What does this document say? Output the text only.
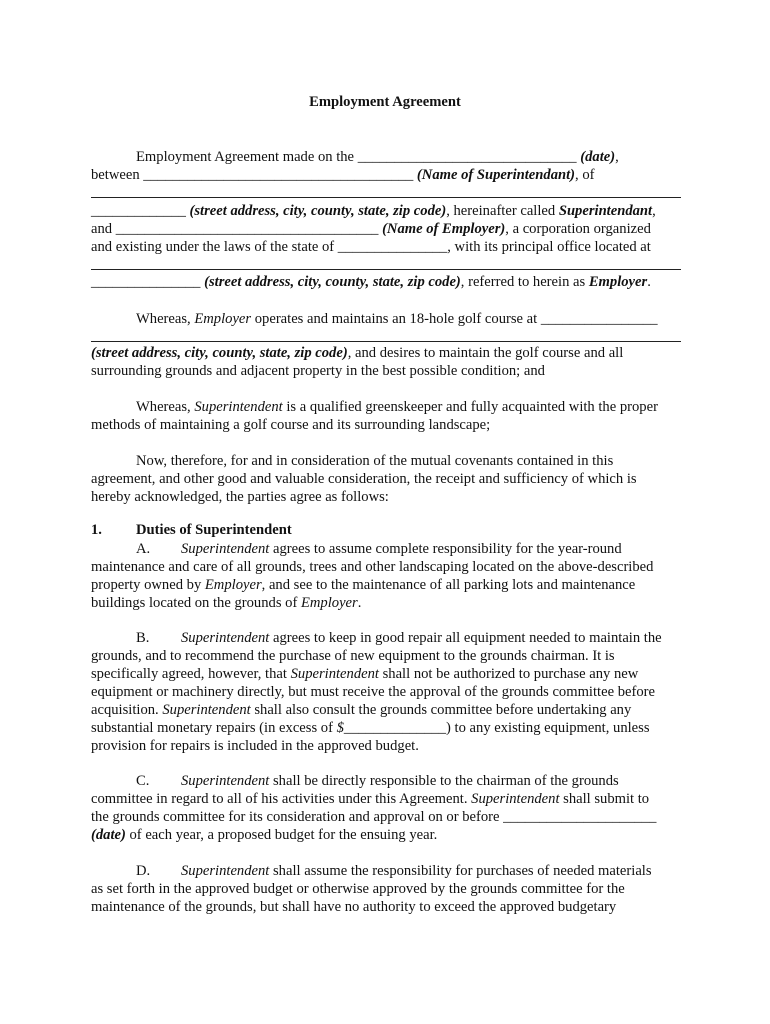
Employment Agreement
Employment Agreement made on the ______________________________ (date),
between _____________________________________ (Name of Superintendant), of
_____________ (street address, city, county, state, zip code), hereinafter called Superintendant,
and ____________________________________ (Name of Employer), a corporation organized
and existing under the laws of the state of _______________, with its principal office located at
_______________ (street address, city, county, state, zip code), referred to herein as Employer.
Whereas, Employer operates and maintains an 18-hole golf course at ________________
(street address, city, county, state, zip code), and desires to maintain the golf course and all
surrounding grounds and adjacent property in the best possible condition; and
Whereas, Superintendent is a qualified greenskeeper and fully acquainted with the proper
methods of maintaining a golf course and its surrounding landscape;
Now, therefore, for and in consideration of the mutual covenants contained in this
agreement, and other good and valuable consideration, the receipt and sufficiency of which is
hereby acknowledged, the parties agree as follows:
1. Duties of Superintendent
A. Superintendent agrees to assume complete responsibility for the year-round
maintenance and care of all grounds, trees and other landscaping located on the above-described
property owned by Employer, and see to the maintenance of all parking lots and maintenance
buildings located on the grounds of Employer.
B. Superintendent agrees to keep in good repair all equipment needed to maintain the
grounds, and to recommend the purchase of new equipment to the grounds chairman. It is
specifically agreed, however, that Superintendent shall not be authorized to purchase any new
equipment or machinery directly, but must receive the approval of the grounds committee before
acquisition. Superintendent shall also consult the grounds committee before undertaking any
substantial monetary repairs (in excess of $______________) to any existing equipment, unless
provision for repairs is included in the approved budget.
C. Superintendent shall be directly responsible to the chairman of the grounds
committee in regard to all of his activities under this Agreement. Superintendent shall submit to
the grounds committee for its consideration and approval on or before _____________________
(date) of each year, a proposed budget for the ensuing year.
D. Superintendent shall assume the responsibility for purchases of needed materials
as set forth in the approved budget or otherwise approved by the grounds committee for the
maintenance of the grounds, but shall have no authority to exceed the approved budgetary
